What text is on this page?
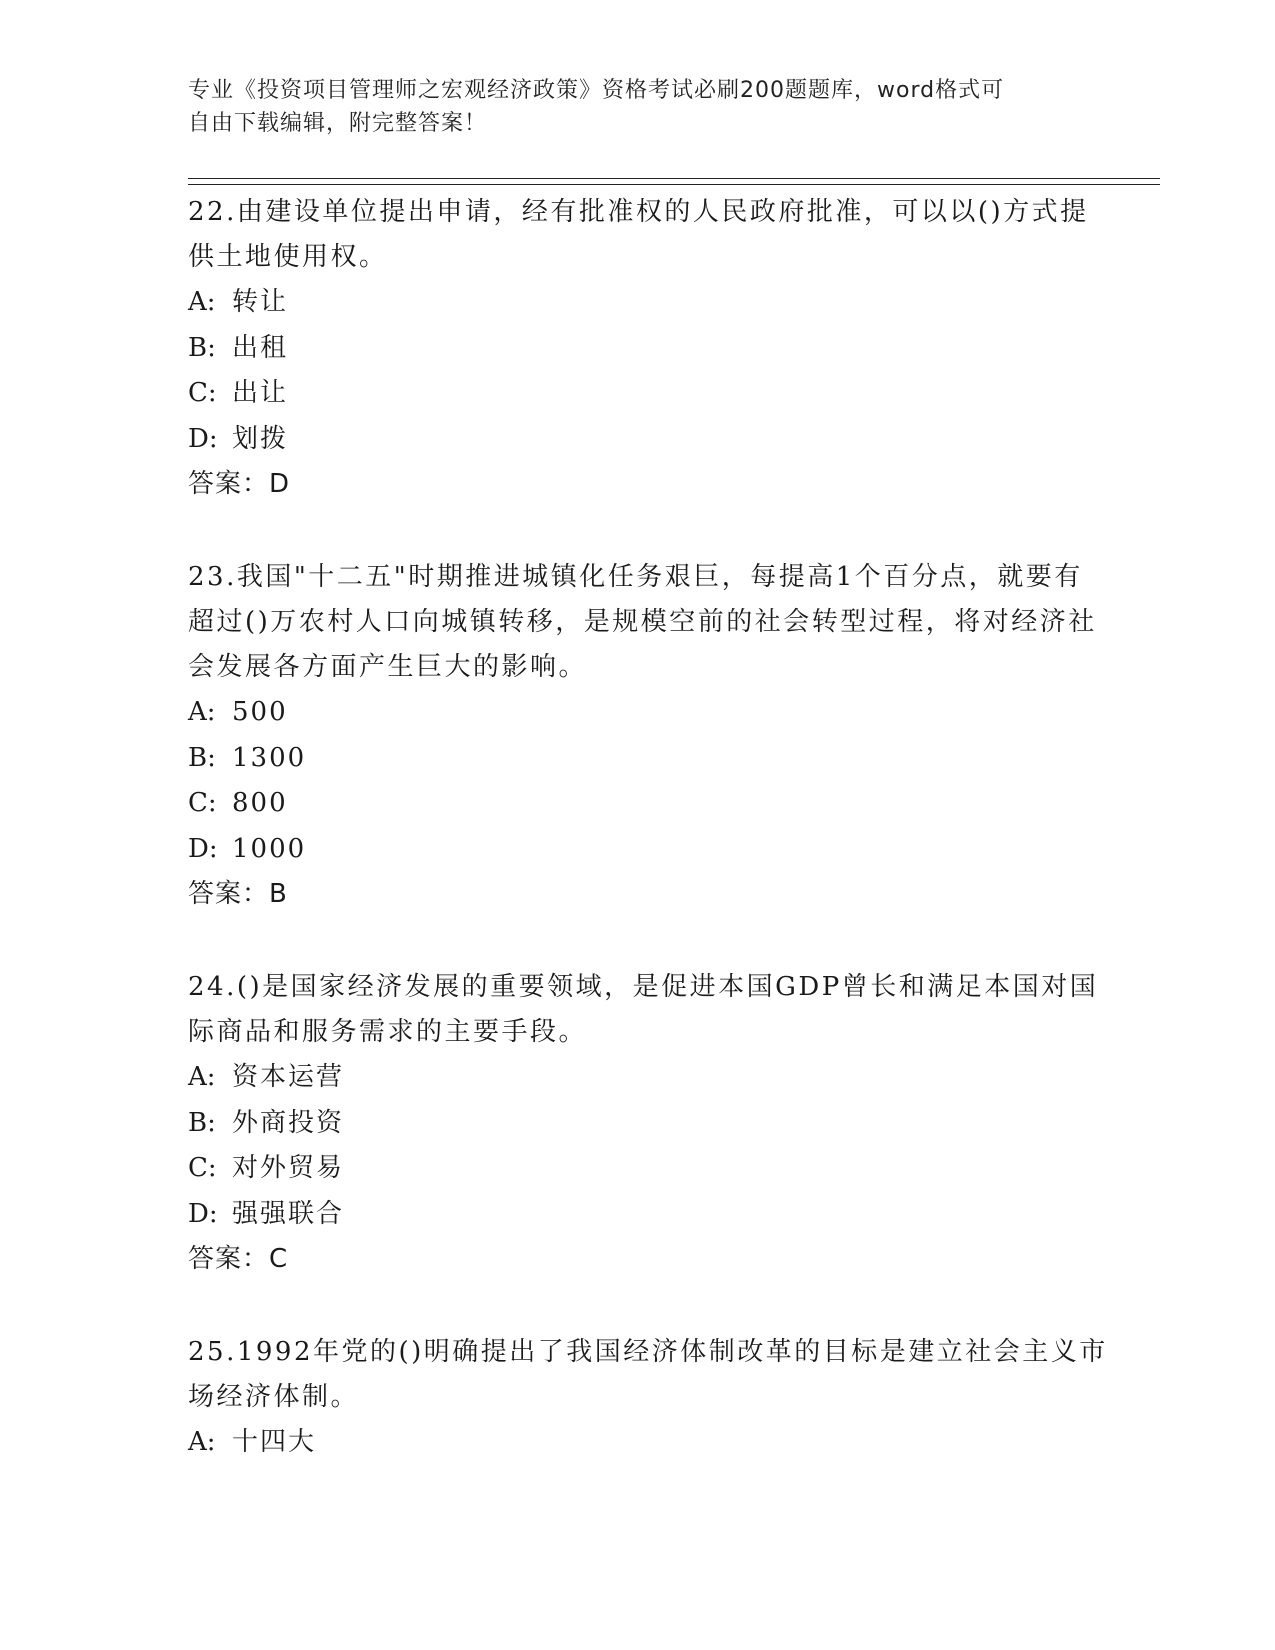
专业《投资项目管理师之宏观经济政策》资格考试必刷200题题库，word格式可
自由下载编辑，附完整答案！

22.由建设单位提出申请，经有批准权的人民政府批准，可以以()方式提供土地使用权。

A: 转让

B: 出租

C: 出让

D: 划拨

答案：D

23.我国"十二五"时期推进城镇化任务艰巨，每提高1个百分点，就要有超过()万农村人口向城镇转移，是规模空前的社会转型过程，将对经济社会发展各方面产生巨大的影响。

A: 500

B: 1300

C: 800

D: 1000

答案：B

24.()是国家经济发展的重要领域，是促进本国GDP曾长和满足本国对国际商品和服务需求的主要手段。

A: 资本运营

B: 外商投资

C: 对外贸易

D: 强强联合

答案：C

25.1992年党的()明确提出了我国经济体制改革的目标是建立社会主义市场经济体制。

A: 十四大
